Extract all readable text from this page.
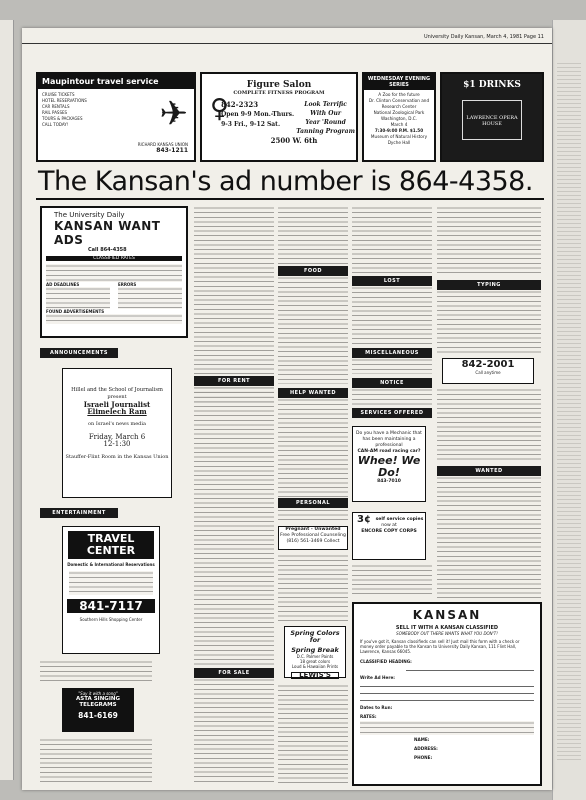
University Daily Kansan, March 4, 1981 Page 11
Maupintour travel service
CRUISE TICKETS
HOTEL RESERVATIONS
CAR RENTALS
RAIL PASSES
TOURS & PACKAGES
CALL TODAY!	✈
RICHARD KANSAS UNION
843-1211
♀
Figure Salon
COMPLETE FITNESS PROGRAM
842-2323
Open 9-9 Mon.-Thurs.
9-3 Fri., 9-12 Sat.
Look Terrific
With Our
Year 'Round
Tanning Program
2500 W. 6th
WEDNESDAY EVENING SERIES
A Zoo for the future
Dr. Clinton Conservation and Research Center
National Zoological Park Washington, D.C.
March 4
7:30-9:00 P.M. $1.50
Museum of Natural History Dyche Hall
$1 DRINKS
LAWRENCE OPERA HOUSE
The Kansan's ad number is 864-4358.
The University Daily
KANSAN WANT ADS
Call 864-4358
CLASSIFIED RATES
AD DEADLINES	ERRORS
FOUND ADVERTISEMENTS
ANNOUNCEMENTS
Hillel and the School of Journalism
present
Israeli Journalist
Elimelech Ram
on Israel's news media
Friday, March 6
12-1:30
Stauffer-Flint Room in the Kansas Union
ENTERTAINMENT
TRAVEL CENTER
Domestic & International Reservations
841-7117
Southern Hills Shopping Center
"Say it with a song"
ASTA SINGING TELEGRAMS
841-6169
FOR RENT
FOR SALE
FOOD
HELP WANTED
Pregnant - Unwanted
Free Professional Counseling
(816) 561-3469 Collect
Spring Colors for
Spring Break
D.C. Palmer Paints
18 great colors
Loud & Hawaiian Prints
LEWIS'S
LOST
MISCELLANEOUS
NOTICE
SERVICES OFFERED
Do you have a Mechanic that has been maintaining a professional
CAN-AM road racing car?
Whee! We Do!
843-7010
3¢	self service copies
now at
ENCORE COPY CORPS
PERSONAL
TYPING
842-2001
Call anytime
WANTED
KANSAN
SELL IT WITH A KANSAN CLASSIFIED
SOMEBODY OUT THERE WANTS WHAT YOU DON'T!
If you've got it, Kansan classifieds can sell it! Just mail this form with a check or money order payable to the Kansan to University Daily Kansan, 111 Flint Hall, Lawrence, Kansas 66045.
CLASSIFIED HEADING:
Write Ad Here:
Dates to Run:
RATES:
NAME:
ADDRESS:
PHONE:
